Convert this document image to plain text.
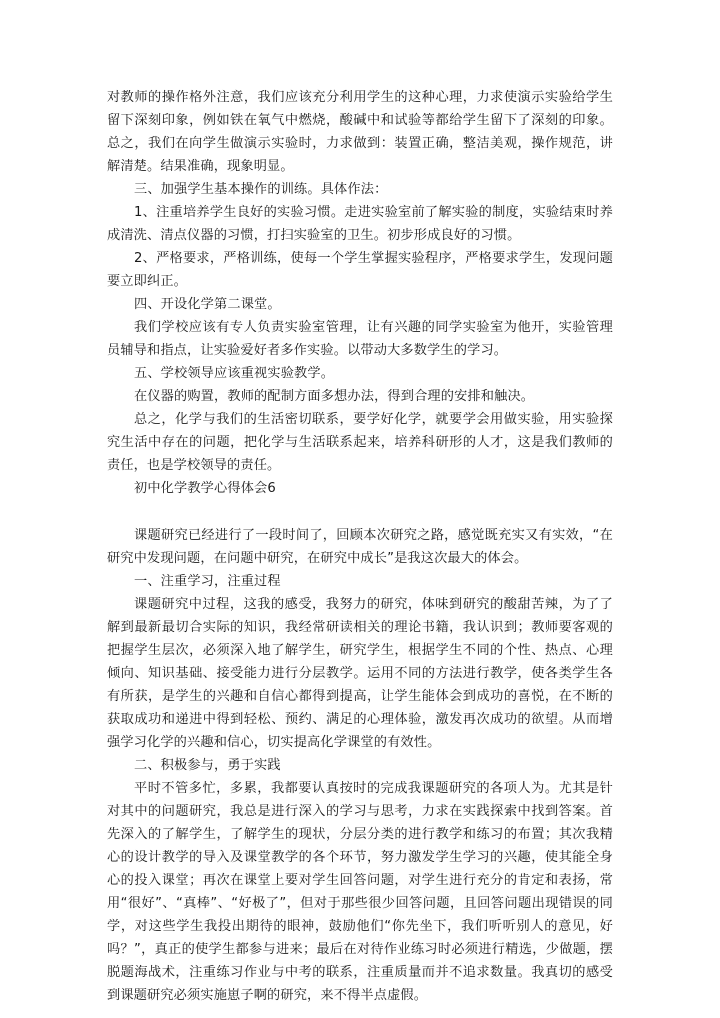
对教师的操作格外注意，我们应该充分利用学生的这种心理，力求使演示实验给学生留下深刻印象，例如铁在氧气中燃烧，酸碱中和试验等都给学生留下了深刻的印象。总之，我们在向学生做演示实验时，力求做到：装置正确，整洁美观，操作规范，讲解清楚。结果准确，现象明显。

三、加强学生基本操作的训练。具体作法：

1、注重培养学生良好的实验习惯。走进实验室前了解实验的制度，实验结束时养成清洗、清点仪器的习惯，打扫实验室的卫生。初步形成良好的习惯。

2、严格要求，严格训练，使每一个学生掌握实验程序，严格要求学生，发现问题要立即纠正。

四、开设化学第二课堂。

我们学校应该有专人负责实验室管理，让有兴趣的同学实验室为他开，实验管理员辅导和指点，让实验爱好者多作实验。以带动大多数学生的学习。

五、学校领导应该重视实验教学。

在仪器的购置，教师的配制方面多想办法，得到合理的安排和触决。

总之，化学与我们的生活密切联系，要学好化学，就要学会用做实验，用实验探究生活中存在的问题，把化学与生活联系起来，培养科研形的人才，这是我们教师的责任，也是学校领导的责任。

初中化学教学心得体会6

课题研究已经进行了一段时间了，回顾本次研究之路，感觉既充实又有实效，“在研究中发现问题，在问题中研究，在研究中成长”是我这次最大的体会。

一、注重学习，注重过程

课题研究中过程，这我的感受，我努力的研究，体味到研究的酸甜苦辣，为了了解到最新最切合实际的知识，我经常研读相关的理论书籍，我认识到；教师要客观的把握学生层次，必须深入地了解学生，研究学生，根据学生不同的个性、热点、心理倾向、知识基础、接受能力进行分层教学。运用不同的方法进行教学，使各类学生各有所获，是学生的兴趣和自信心都得到提高，让学生能体会到成功的喜悦，在不断的获取成功和递进中得到轻松、预约、满足的心理体验，激发再次成功的欲望。从而增强学习化学的兴趣和信心，切实提高化学课堂的有效性。

二、积极参与，勇于实践

平时不管多忙，多累，我都要认真按时的完成我课题研究的各项人为。尤其是针对其中的问题研究，我总是进行深入的学习与思考，力求在实践探索中找到答案。首先深入的了解学生，了解学生的现状，分层分类的进行教学和练习的布置；其次我精心的设计教学的导入及课堂教学的各个环节，努力激发学生学习的兴趣，使其能全身心的投入课堂；再次在课堂上要对学生回答问题，对学生进行充分的肯定和表扬，常用“很好”、“真棒”、“好极了”，但对于那些很少回答问题，且回答问题出现错误的同学，对这些学生我投出期待的眼神，鼓励他们“你先坐下，我们听听别人的意见，好吗？”，真正的使学生都参与进来；最后在对待作业练习时必须进行精选，少做题，摆脱题海战术，注重练习作业与中考的联系，注重质量而并不追求数量。我真切的感受到课题研究必须实施崽子啊的研究，来不得半点虚假。
